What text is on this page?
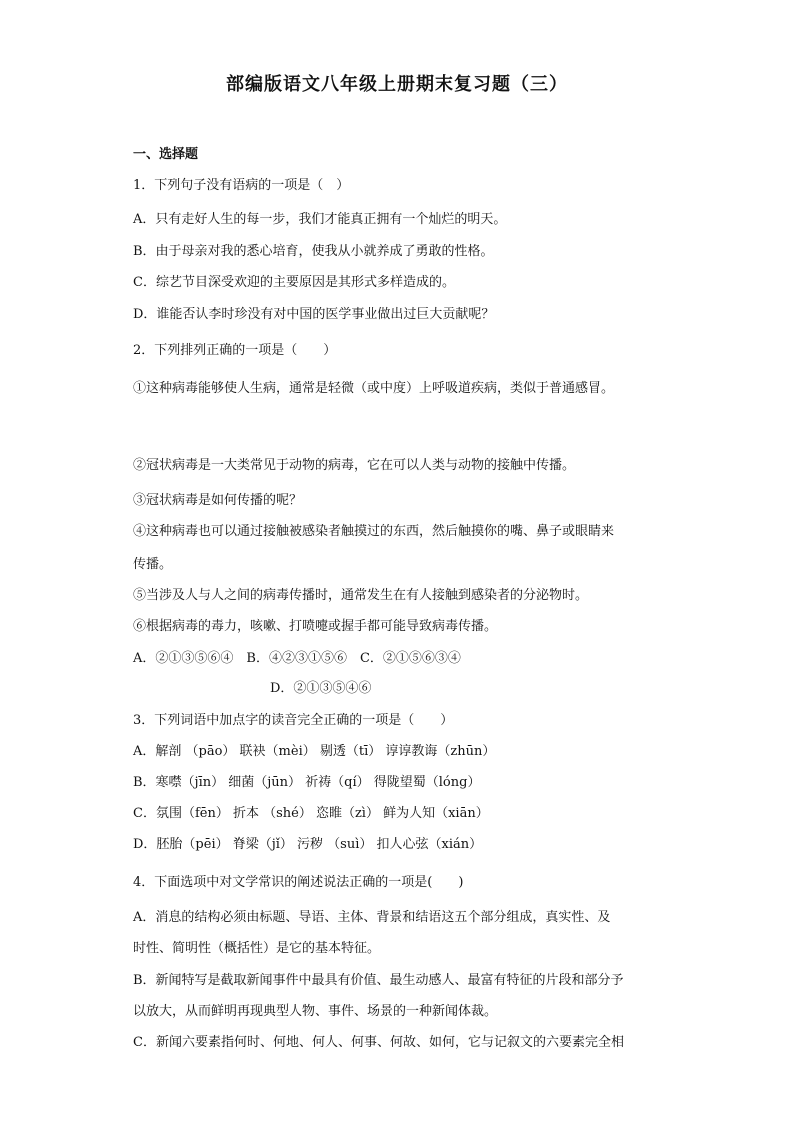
部编版语文八年级上册期末复习题（三）
一、选择题
1．下列句子没有语病的一项是（　）
A．只有走好人生的每一步，我们才能真正拥有一个灿烂的明天。
B．由于母亲对我的悉心培育，使我从小就养成了勇敢的性格。
C．综艺节目深受欢迎的主要原因是其形式多样造成的。
D．谁能否认李时珍没有对中国的医学事业做出过巨大贡献呢？
2．下列排列正确的一项是（　　）
①这种病毒能够使人生病，通常是轻微（或中度）上呼吸道疾病，类似于普通感冒。
②冠状病毒是一大类常见于动物的病毒，它在可以人类与动物的接触中传播。
③冠状病毒是如何传播的呢？
④这种病毒也可以通过接触被感染者触摸过的东西，然后触摸你的嘴、鼻子或眼睛来
传播。
⑤当涉及人与人之间的病毒传播时，通常发生在有人接触到感染者的分泌物时。
⑥根据病毒的毒力，咳嗽、打喷嚏或握手都可能导致病毒传播。
A．②①③⑤⑥④　B．④②③①⑤⑥　C．②①⑤⑥③④
D．②①③⑤④⑥
3．下列词语中加点字的读音完全正确的一项是（　　）
A．解剖 （pāo） 联袂（mèi） 剔透（tī） 谆谆教诲（zhūn）
B．寒噤（jīn） 细菌（jūn） 祈祷（qí） 得陇望蜀（lóng）
C．氛围（fēn） 折本 （shé） 恣睢（zì） 鲜为人知（xiān）
D．胚胎（pēi） 脊梁（jǐ） 污秽 （suì） 扣人心弦（xián）
4．下面选项中对文学常识的阐述说法正确的一项是(　　)
A．消息的结构必须由标题、导语、主体、背景和结语这五个部分组成，真实性、及
时性、简明性（概括性）是它的基本特征。
B．新闻特写是截取新闻事件中最具有价值、最生动感人、最富有特征的片段和部分予
以放大，从而鲜明再现典型人物、事件、场景的一种新闻体裁。
C．新闻六要素指何时、何地、何人、何事、何故、如何，它与记叙文的六要素完全相
